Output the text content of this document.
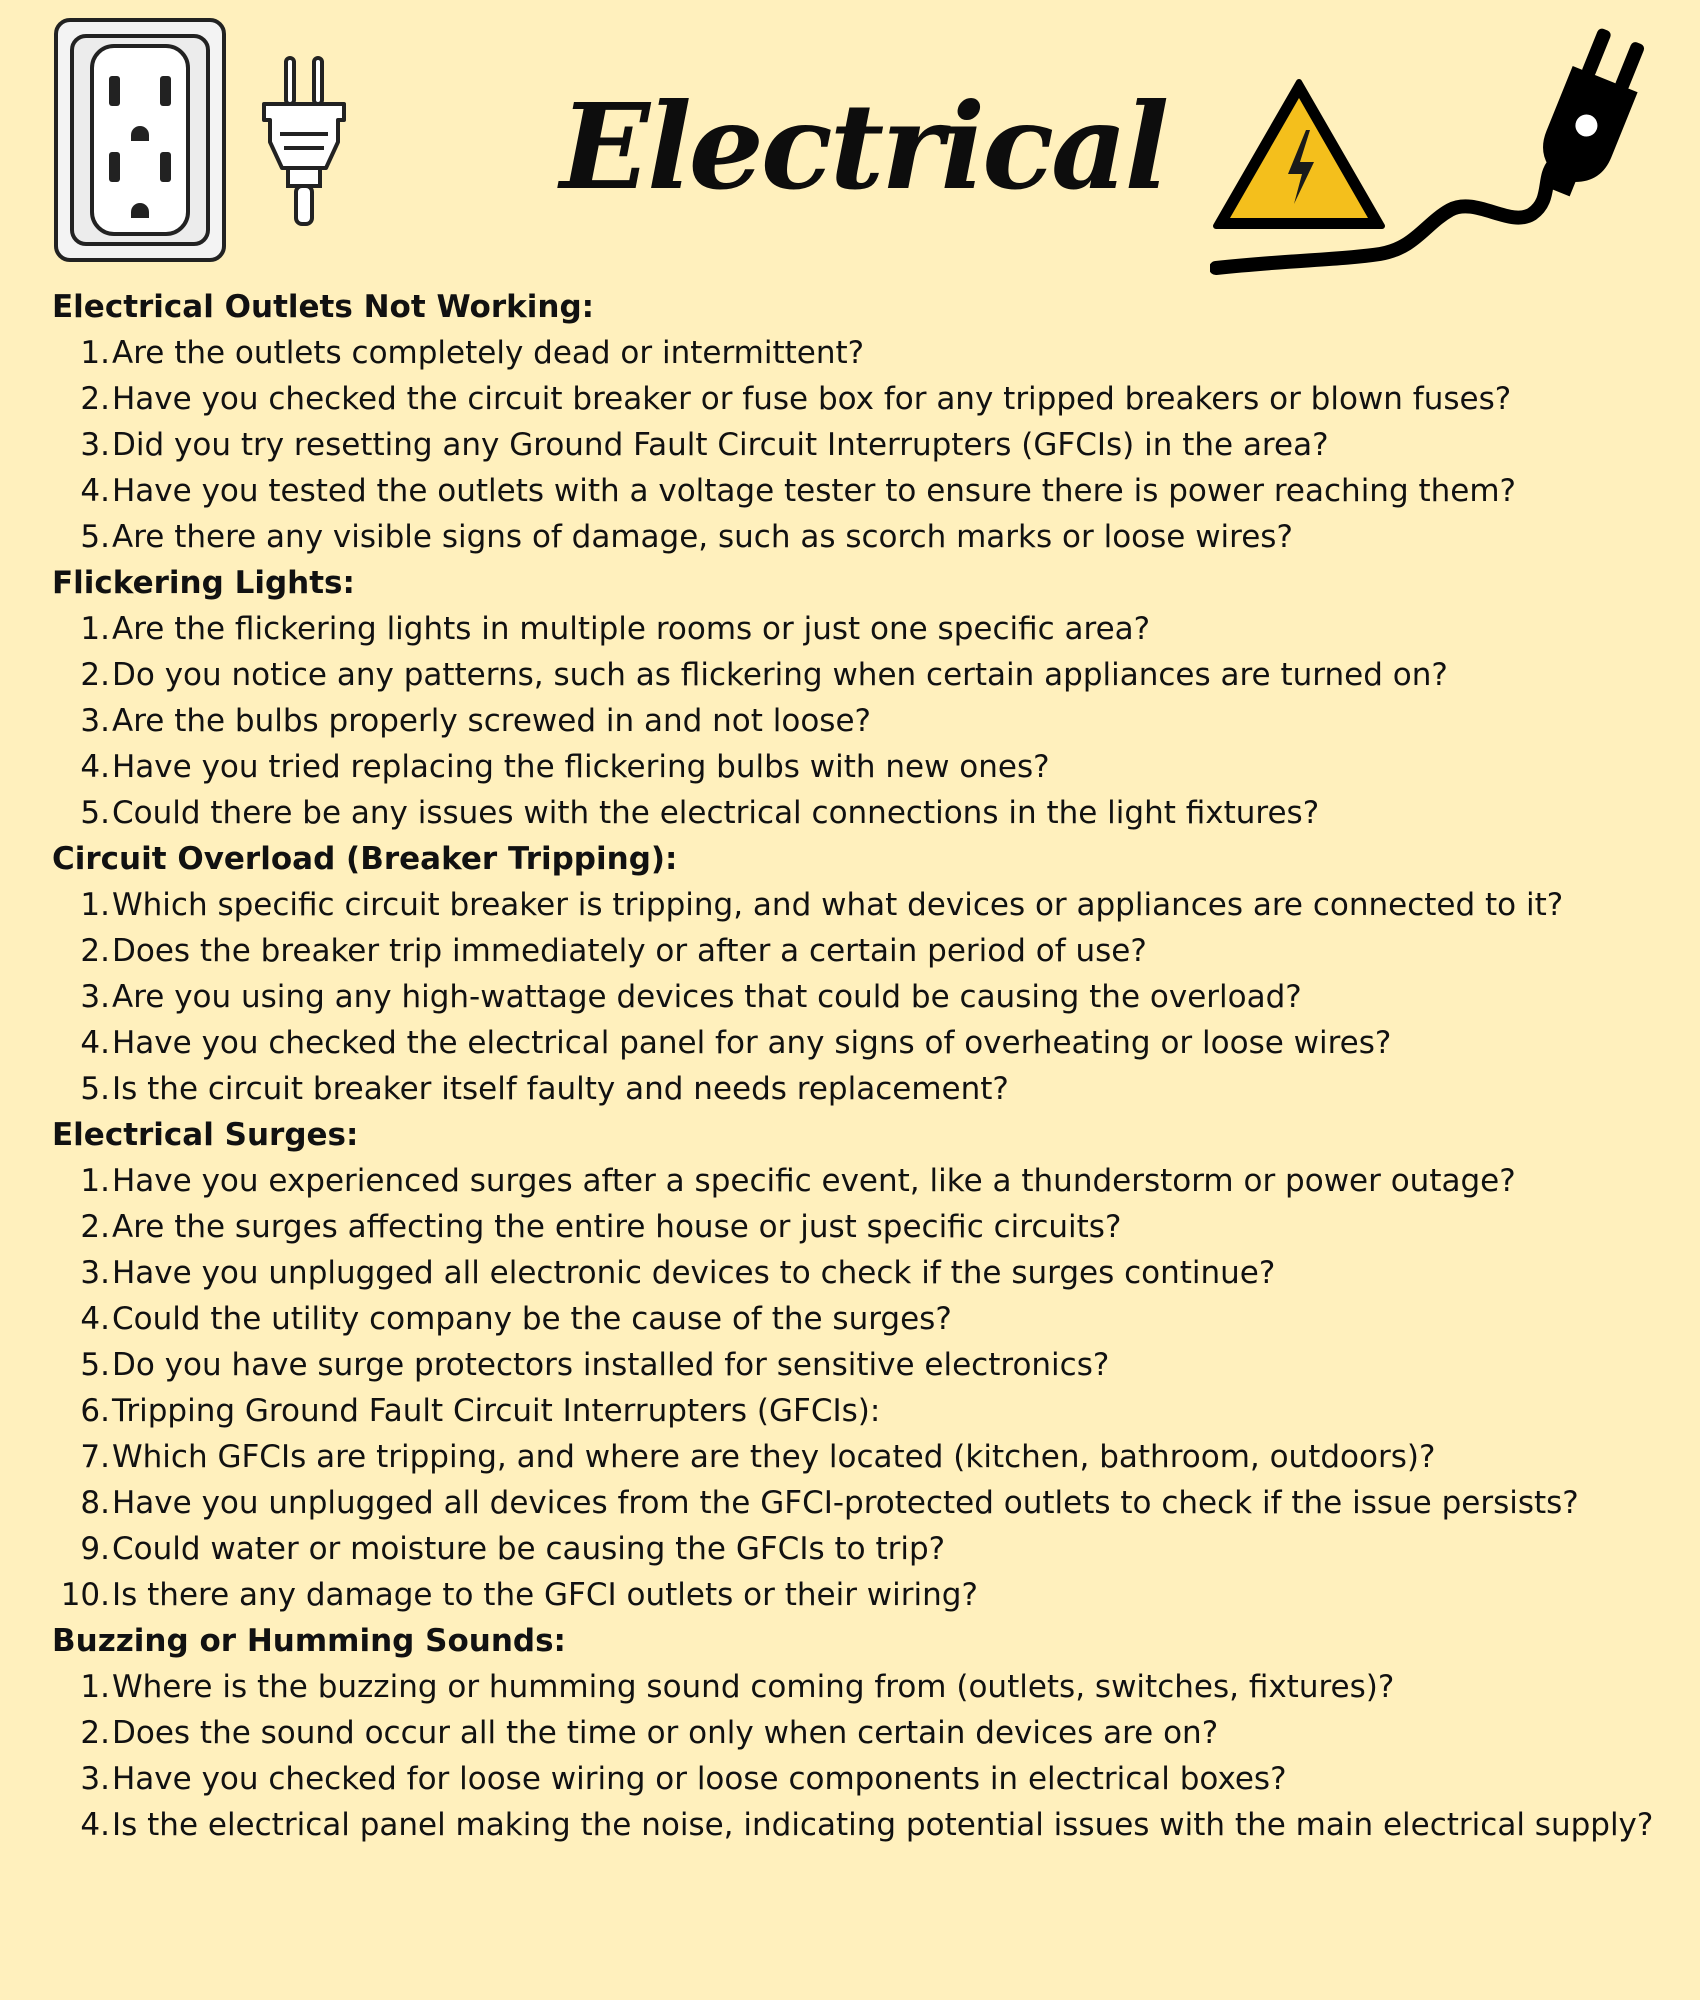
Electrical
Electrical Outlets Not Working:
1. Are the outlets completely dead or intermittent?
2. Have you checked the circuit breaker or fuse box for any tripped breakers or blown fuses?
3. Did you try resetting any Ground Fault Circuit Interrupters (GFCIs) in the area?
4. Have you tested the outlets with a voltage tester to ensure there is power reaching them?
5. Are there any visible signs of damage, such as scorch marks or loose wires?
Flickering Lights:
1. Are the flickering lights in multiple rooms or just one specific area?
2. Do you notice any patterns, such as flickering when certain appliances are turned on?
3. Are the bulbs properly screwed in and not loose?
4. Have you tried replacing the flickering bulbs with new ones?
5. Could there be any issues with the electrical connections in the light fixtures?
Circuit Overload (Breaker Tripping):
1. Which specific circuit breaker is tripping, and what devices or appliances are connected to it?
2. Does the breaker trip immediately or after a certain period of use?
3. Are you using any high-wattage devices that could be causing the overload?
4. Have you checked the electrical panel for any signs of overheating or loose wires?
5. Is the circuit breaker itself faulty and needs replacement?
Electrical Surges:
1. Have you experienced surges after a specific event, like a thunderstorm or power outage?
2. Are the surges affecting the entire house or just specific circuits?
3. Have you unplugged all electronic devices to check if the surges continue?
4. Could the utility company be the cause of the surges?
5. Do you have surge protectors installed for sensitive electronics?
6. Tripping Ground Fault Circuit Interrupters (GFCIs):
7. Which GFCIs are tripping, and where are they located (kitchen, bathroom, outdoors)?
8. Have you unplugged all devices from the GFCI-protected outlets to check if the issue persists?
9. Could water or moisture be causing the GFCIs to trip?
10. Is there any damage to the GFCI outlets or their wiring?
Buzzing or Humming Sounds:
1. Where is the buzzing or humming sound coming from (outlets, switches, fixtures)?
2. Does the sound occur all the time or only when certain devices are on?
3. Have you checked for loose wiring or loose components in electrical boxes?
4. Is the electrical panel making the noise, indicating potential issues with the main electrical supply?
